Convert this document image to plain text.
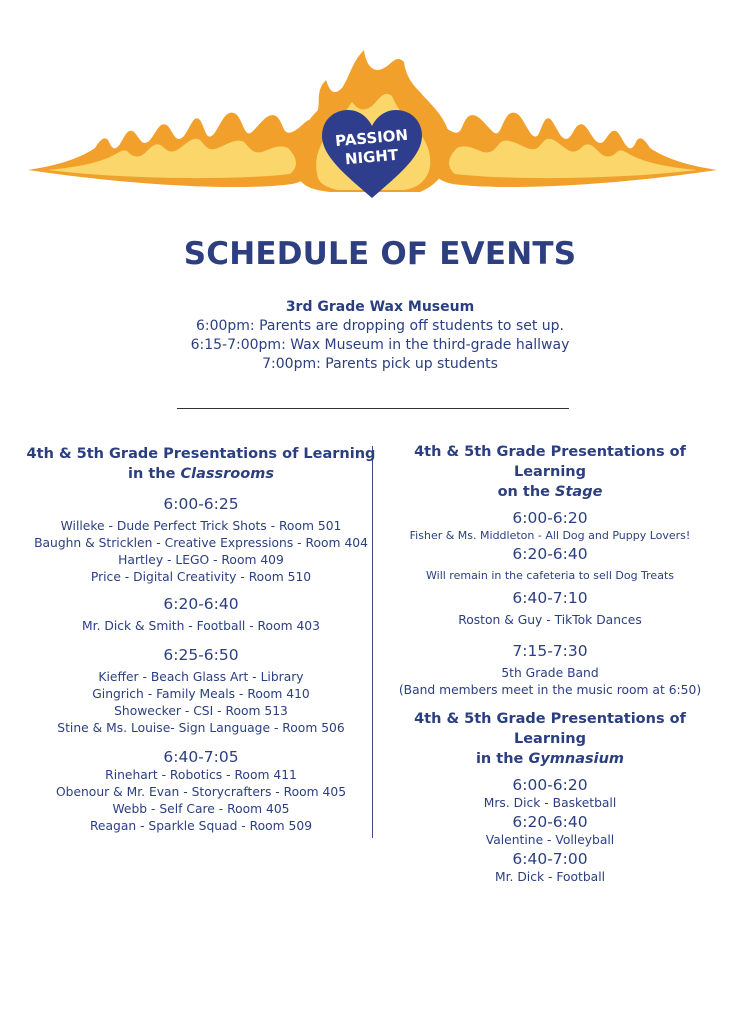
PASSION
NIGHT
SCHEDULE OF EVENTS
3rd Grade Wax Museum
6:00pm: Parents are dropping off students to set up.
6:15-7:00pm: Wax Museum in the third-grade hallway
7:00pm: Parents pick up students
4th & 5th Grade Presentations of Learning
in the Classrooms
6:00-6:25
Willeke - Dude Perfect Trick Shots - Room 501
Baughn & Stricklen - Creative Expressions - Room 404
Hartley - LEGO - Room 409
Price - Digital Creativity - Room 510
6:20-6:40
Mr. Dick & Smith - Football - Room 403
6:25-6:50
Kieffer - Beach Glass Art - Library
Gingrich - Family Meals - Room 410
Showecker - CSI - Room 513
Stine & Ms. Louise- Sign Language - Room 506
6:40-7:05
Rinehart - Robotics - Room 411
Obenour & Mr. Evan - Storycrafters - Room 405
Webb - Self Care - Room 405
Reagan - Sparkle Squad - Room 509
4th & 5th Grade Presentations of Learning
on the Stage
6:00-6:20
Fisher & Ms. Middleton - All Dog and Puppy Lovers!
6:20-6:40
Will remain in the cafeteria to sell Dog Treats
6:40-7:10
Roston & Guy - TikTok Dances
7:15-7:30
5th Grade Band
(Band members meet in the music room at 6:50)
4th & 5th Grade Presentations of Learning
in the Gymnasium
6:00-6:20
Mrs. Dick - Basketball
6:20-6:40
Valentine - Volleyball
6:40-7:00
Mr. Dick - Football
